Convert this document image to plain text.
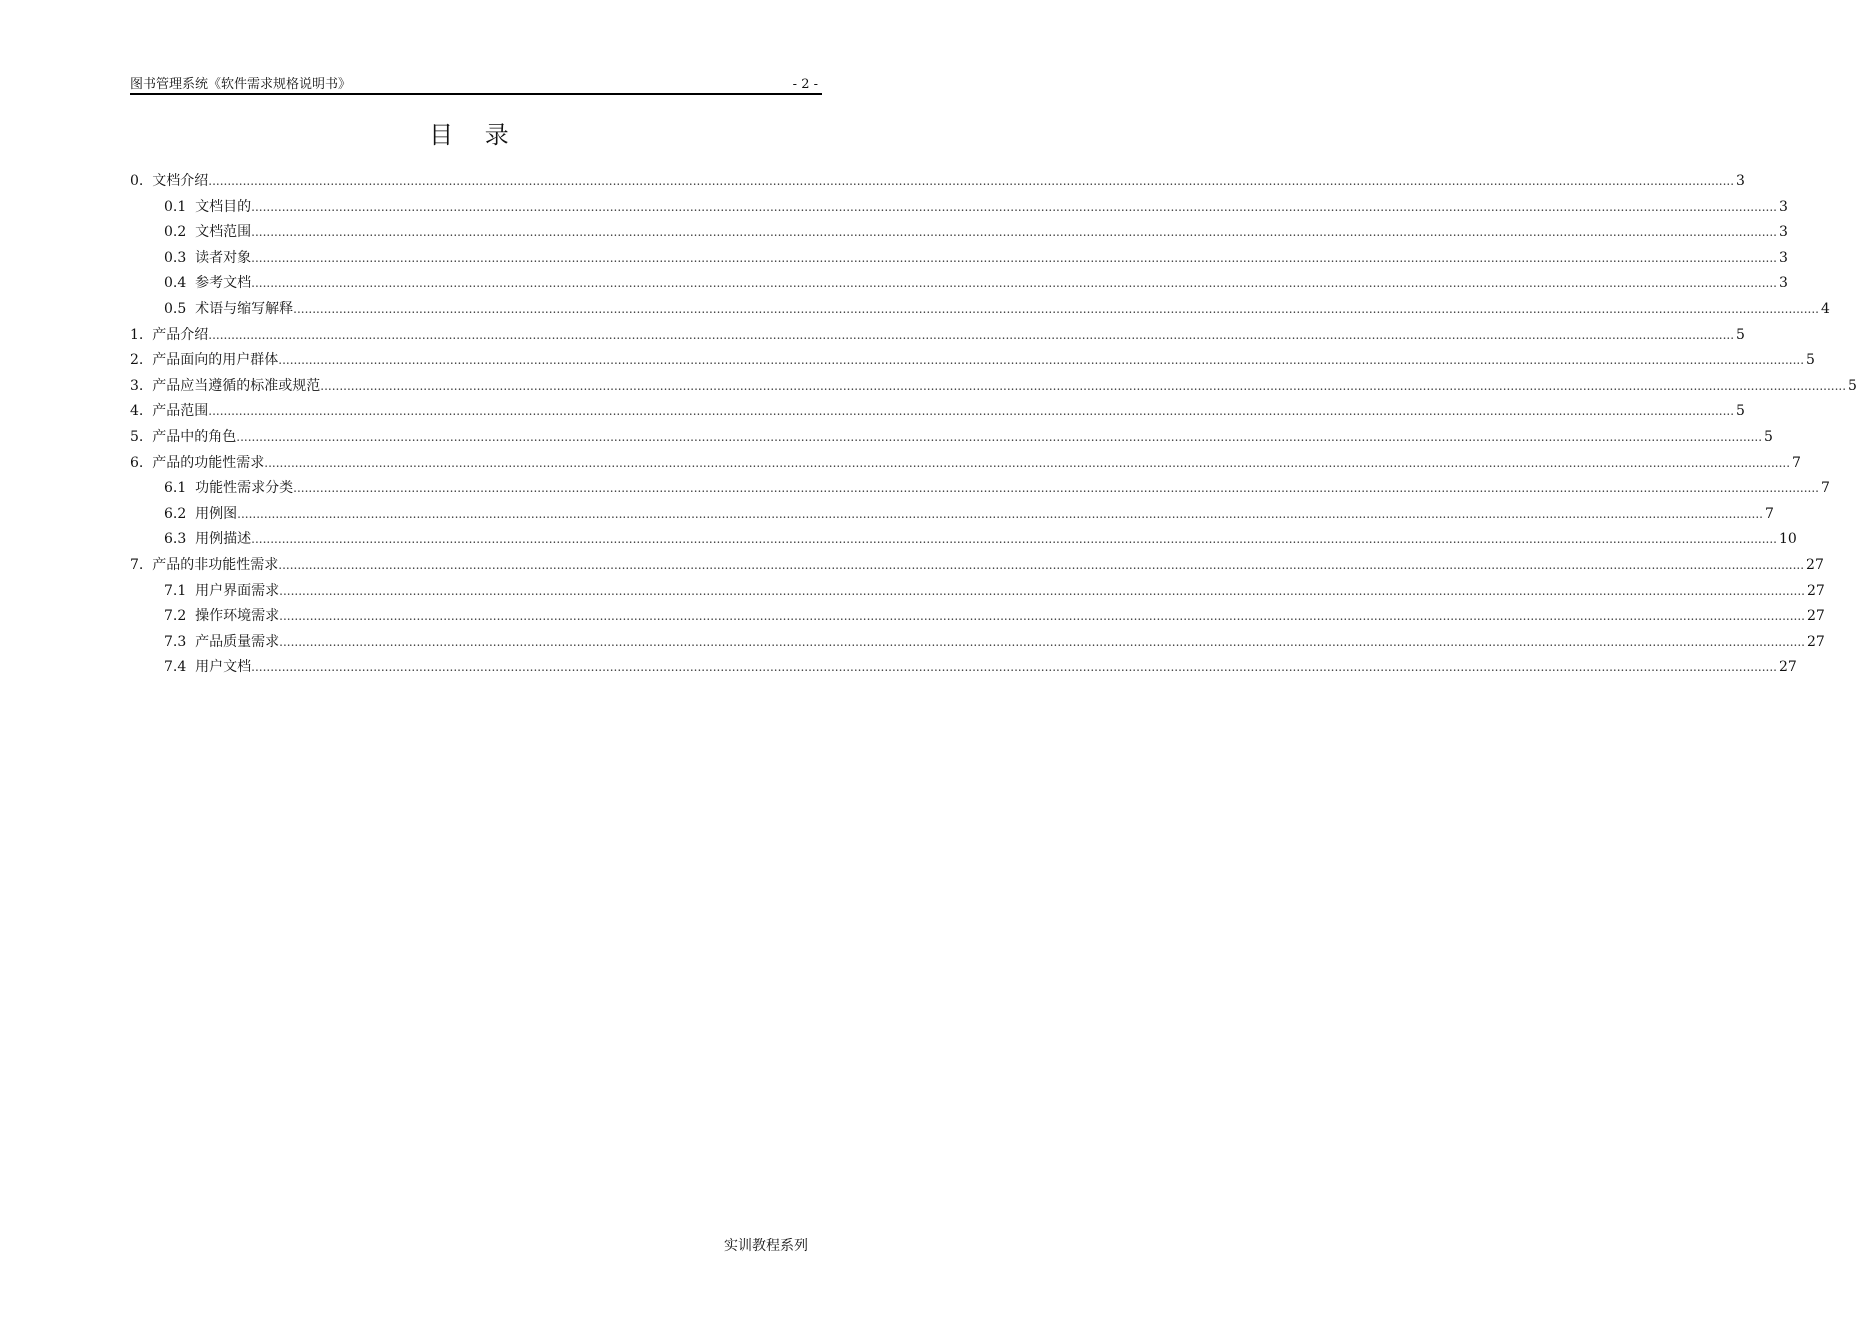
图书管理系统《软件需求规格说明书》	- 2 -
目 录
0. 文档介绍 ................................................................................................................................................................................................................................................................................................................................................................................................................ 3
0.1 文档目的 ................................................................................................................................................................................................................................................................................................................................................................................................................ 3
0.2 文档范围 ................................................................................................................................................................................................................................................................................................................................................................................................................ 3
0.3 读者对象 ................................................................................................................................................................................................................................................................................................................................................................................................................ 3
0.4 参考文档 ................................................................................................................................................................................................................................................................................................................................................................................................................ 3
0.5 术语与缩写解释 ................................................................................................................................................................................................................................................................................................................................................................................................................ 4
1. 产品介绍 ................................................................................................................................................................................................................................................................................................................................................................................................................ 5
2. 产品面向的用户群体 ................................................................................................................................................................................................................................................................................................................................................................................................................ 5
3. 产品应当遵循的标准或规范 ................................................................................................................................................................................................................................................................................................................................................................................................................ 5
4. 产品范围 ................................................................................................................................................................................................................................................................................................................................................................................................................ 5
5. 产品中的角色 ................................................................................................................................................................................................................................................................................................................................................................................................................ 5
6. 产品的功能性需求 ................................................................................................................................................................................................................................................................................................................................................................................................................ 7
6.1 功能性需求分类 ................................................................................................................................................................................................................................................................................................................................................................................................................ 7
6.2 用例图 ................................................................................................................................................................................................................................................................................................................................................................................................................ 7
6.3 用例描述 ................................................................................................................................................................................................................................................................................................................................................................................................................ 10
7. 产品的非功能性需求 ................................................................................................................................................................................................................................................................................................................................................................................................................ 27
7.1 用户界面需求 ................................................................................................................................................................................................................................................................................................................................................................................................................ 27
7.2 操作环境需求 ................................................................................................................................................................................................................................................................................................................................................................................................................ 27
7.3 产品质量需求 ................................................................................................................................................................................................................................................................................................................................................................................................................ 27
7.4 用户文档 ................................................................................................................................................................................................................................................................................................................................................................................................................ 27
实训教程系列
